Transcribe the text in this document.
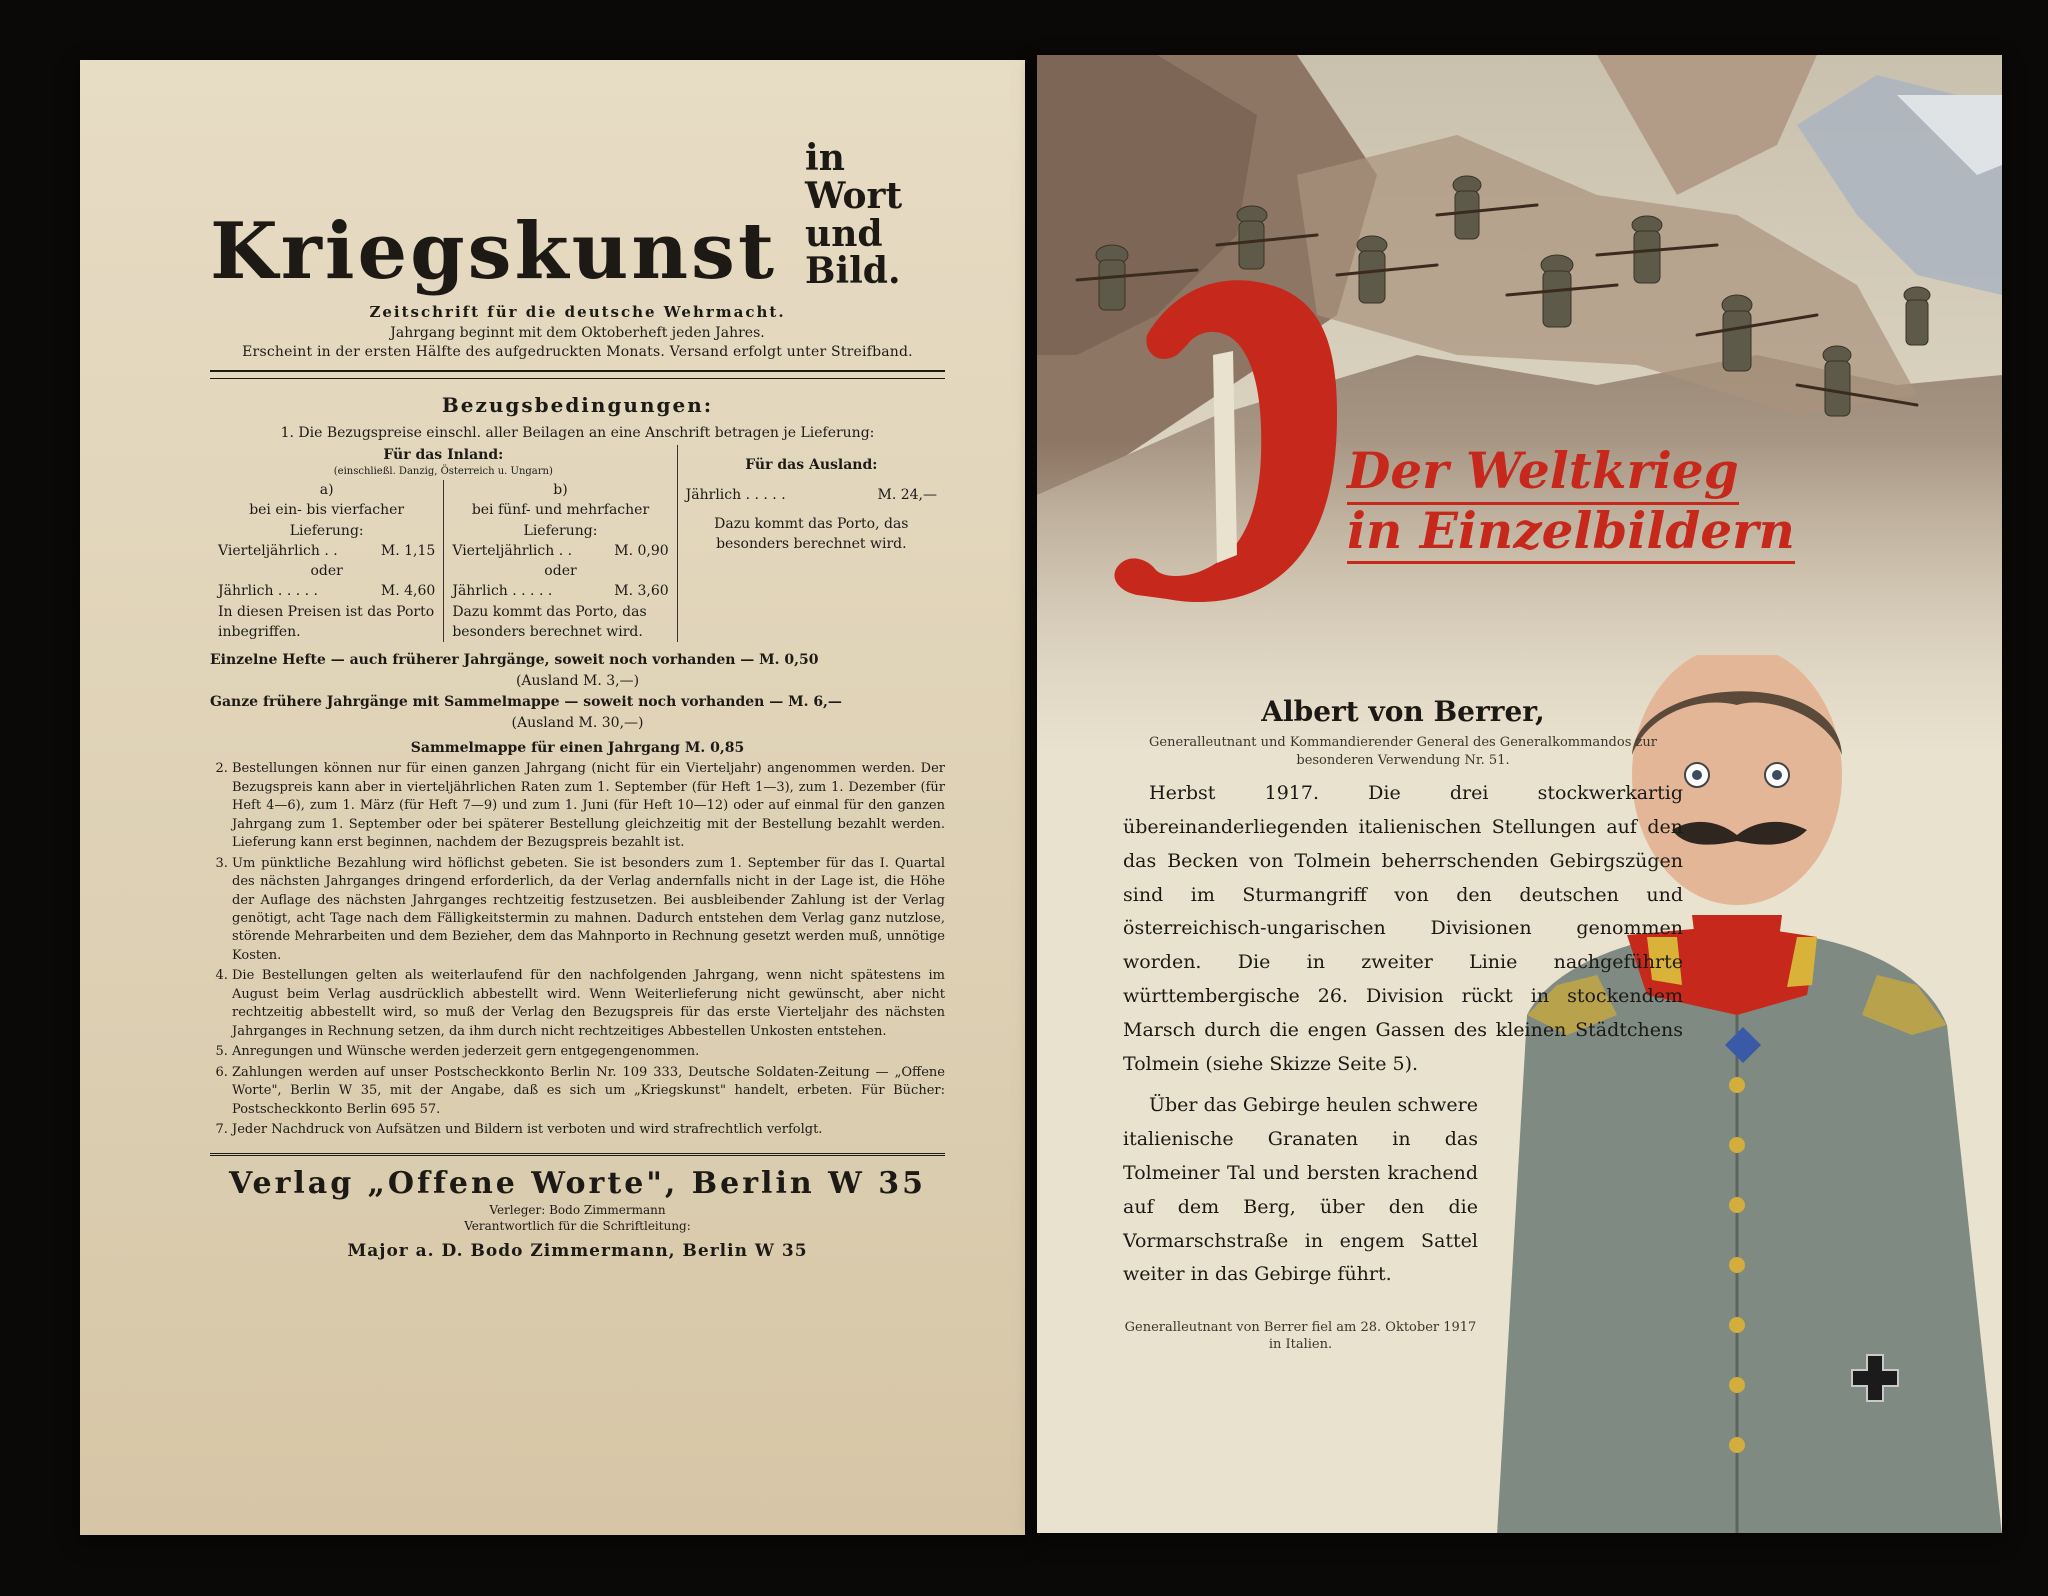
Kriegskunst
in Wort
und Bild.
Zeitschrift für die deutsche Wehrmacht.
Jahrgang beginnt mit dem Oktoberheft jeden Jahres.
Erscheint in der ersten Hälfte des aufgedruckten Monats. Versand erfolgt unter Streifband.
Bezugsbedingungen:
1. Die Bezugspreise einschl. aller Beilagen an eine Anschrift betragen je Lieferung:
Für das Inland:
(einschließl. Danzig, Österreich u. Ungarn)	Für das Ausland:
Jährlich . . . . .	M. 24,—
Dazu kommt das Porto, das besonders berechnet wird.
a)
bei ein- bis vierfacher
Lieferung:
Vierteljährlich . .	M. 1,15
oder
Jährlich . . . . .	M. 4,60
In diesen Preisen ist das Porto inbegriffen.
b)
bei fünf- und mehrfacher
Lieferung:
Vierteljährlich . .	M. 0,90
oder
Jährlich . . . . .	M. 3,60
Dazu kommt das Porto, das besonders berechnet wird.
Einzelne Hefte — auch früherer Jahrgänge, soweit noch vorhanden — M. 0,50
(Ausland M. 3,—)
Ganze frühere Jahrgänge mit Sammelmappe — soweit noch vorhanden — M. 6,—
(Ausland M. 30,—)
Sammelmappe für einen Jahrgang M. 0,85
2. Bestellungen können nur für einen ganzen Jahrgang (nicht für ein Vierteljahr) angenommen werden. Der Bezugspreis kann aber in vierteljährlichen Raten zum 1. September (für Heft 1—3), zum 1. Dezember (für Heft 4—6), zum 1. März (für Heft 7—9) und zum 1. Juni (für Heft 10—12) oder auf einmal für den ganzen Jahrgang zum 1. September oder bei späterer Bestellung gleichzeitig mit der Bestellung bezahlt werden. Lieferung kann erst beginnen, nachdem der Bezugspreis bezahlt ist.
3. Um pünktliche Bezahlung wird höflichst gebeten. Sie ist besonders zum 1. September für das I. Quartal des nächsten Jahrganges dringend erforderlich, da der Verlag andernfalls nicht in der Lage ist, die Höhe der Auflage des nächsten Jahrganges rechtzeitig festzusetzen. Bei ausbleibender Zahlung ist der Verlag genötigt, acht Tage nach dem Fälligkeitstermin zu mahnen. Dadurch entstehen dem Verlag ganz nutzlose, störende Mehrarbeiten und dem Bezieher, dem das Mahnporto in Rechnung gesetzt werden muß, unnötige Kosten.
4. Die Bestellungen gelten als weiterlaufend für den nachfolgenden Jahrgang, wenn nicht spätestens im August beim Verlag ausdrücklich abbestellt wird. Wenn Weiterlieferung nicht gewünscht, aber nicht rechtzeitig abbestellt wird, so muß der Verlag den Bezugspreis für das erste Vierteljahr des nächsten Jahrganges in Rechnung setzen, da ihm durch nicht rechtzeitiges Abbestellen Unkosten entstehen.
5. Anregungen und Wünsche werden jederzeit gern entgegengenommen.
6. Zahlungen werden auf unser Postscheckkonto Berlin Nr. 109 333, Deutsche Soldaten-Zeitung — „Offene Worte", Berlin W 35, mit der Angabe, daß es sich um „Kriegskunst" handelt, erbeten. Für Bücher: Postscheckkonto Berlin 695 57.
7. Jeder Nachdruck von Aufsätzen und Bildern ist verboten und wird strafrechtlich verfolgt.
Verlag „Offene Worte", Berlin W 35
Verleger: Bodo Zimmermann
Verantwortlich für die Schriftleitung:
Major a. D. Bodo Zimmermann, Berlin W 35
Der Weltkrieg
in Einzelbildern
Albert von Berrer,
Generalleutnant und Kommandierender General des Generalkommandos zur besonderen Verwendung Nr. 51.
Herbst 1917. Die drei stockwerkartig übereinanderliegenden italienischen Stellungen auf den das Becken von Tolmein beherrschenden Gebirgszügen sind im Sturmangriff von den deutschen und österreichisch-ungarischen Divisionen genommen worden. Die in zweiter Linie nachgeführte württembergische 26. Division rückt in stockendem Marsch durch die engen Gassen des kleinen Städtchens Tolmein (siehe Skizze Seite 5).
Über das Gebirge heulen schwere italienische Granaten in das Tolmeiner Tal und bersten krachend auf dem Berg, über den die Vormarschstraße in engem Sattel weiter in das Gebirge führt.
Generalleutnant von Berrer fiel am 28. Oktober 1917 in Italien.
